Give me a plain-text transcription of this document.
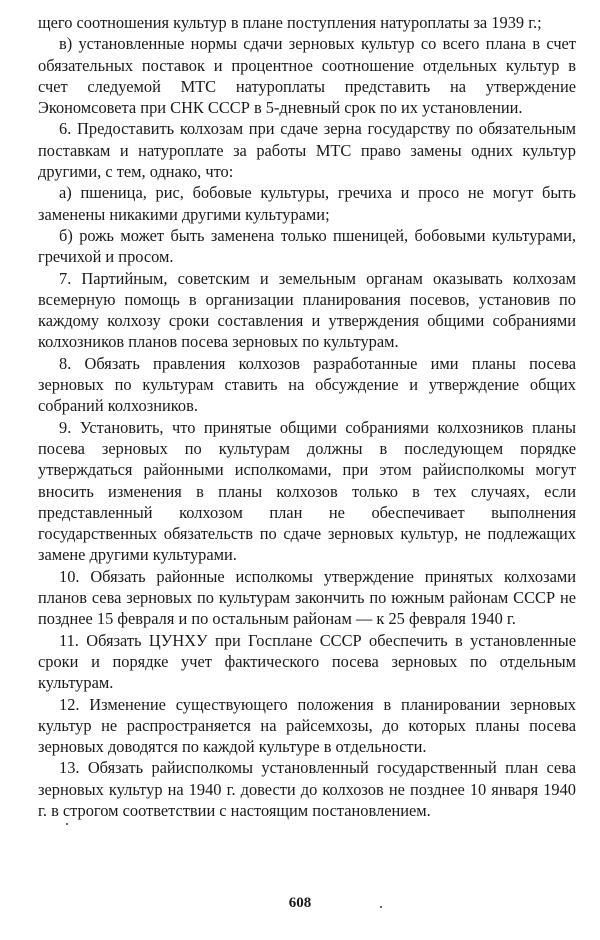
щего соотношения культур в плане поступления натуроплаты за 1939 г.;

в) установленные нормы сдачи зерновых культур со всего плана в счет обязательных поставок и процентное соотношение отдельных культур в счет следуемой МТС натуроплаты представить на утверждение Экономсовета при СНК СССР в 5-дневный срок по их установлении.

6. Предоставить колхозам при сдаче зерна государству по обязательным поставкам и натуроплате за работы МТС право замены одних культур другими, с тем, однако, что:

а) пшеница, рис, бобовые культуры, гречиха и просо не могут быть заменены никакими другими культурами;

б) рожь может быть заменена только пшеницей, бобовыми культурами, гречихой и просом.

7. Партийным, советским и земельным органам оказывать колхозам всемерную помощь в организации планирования посевов, установив по каждому колхозу сроки составления и утверждения общими собраниями колхозников планов посева зерновых по культурам.

8. Обязать правления колхозов разработанные ими планы посева зерновых по культурам ставить на обсуждение и утверждение общих собраний колхозников.

9. Установить, что принятые общими собраниями колхозников планы посева зерновых по культурам должны в последующем порядке утверждаться районными исполкомами, при этом райисполкомы могут вносить изменения в планы колхозов только в тех случаях, если представленный колхозом план не обеспечивает выполнения государственных обязательств по сдаче зерновых культур, не подлежащих замене другими культурами.

10. Обязать районные исполкомы утверждение принятых колхозами планов сева зерновых по культурам закончить по южным районам СССР не позднее 15 февраля и по остальным районам — к 25 февраля 1940 г.

11. Обязать ЦУНХУ при Госплане СССР обеспечить в установленные сроки и порядке учет фактического посева зерновых по отдельным культурам.

12. Изменение существующего положения в планировании зерновых культур не распространяется на райсемхозы, до которых планы посева зерновых доводятся по каждой культуре в отдельности.

13. Обязать райисполкомы установленный государственный план сева зерновых культур на 1940 г. довести до колхозов не позднее 10 января 1940 г. в строгом соответствии с настоящим постановлением.

608
